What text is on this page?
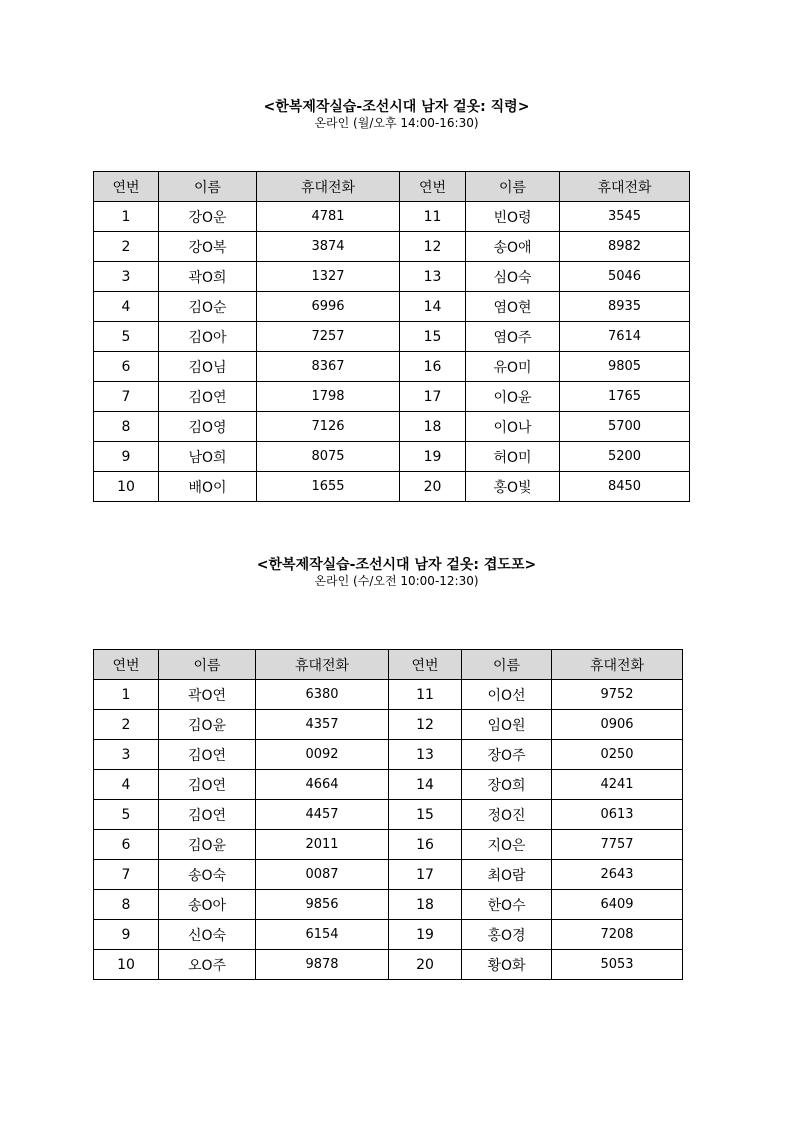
<한복제작실습-조선시대 남자 겉옷: 직령>
온라인 (월/오후 14:00-16:30)
연번	이름	휴대전화	연번	이름	휴대전화
1	강O운	4781	11	빈O령	3545
2	강O복	3874	12	송O애	8982
3	곽O희	1327	13	심O숙	5046
4	김O순	6996	14	염O현	8935
5	김O아	7257	15	염O주	7614
6	김O님	8367	16	유O미	9805
7	김O연	1798	17	이O윤	1765
8	김O영	7126	18	이O나	5700
9	남O희	8075	19	허O미	5200
10	배O이	1655	20	홍O빛	8450
<한복제작실습-조선시대 남자 겉옷: 겹도포>
온라인 (수/오전 10:00-12:30)
연번	이름	휴대전화	연번	이름	휴대전화
1	곽O연	6380	11	이O선	9752
2	김O윤	4357	12	임O원	0906
3	김O연	0092	13	장O주	0250
4	김O연	4664	14	장O희	4241
5	김O연	4457	15	정O진	0613
6	김O윤	2011	16	지O은	7757
7	송O숙	0087	17	최O람	2643
8	송O아	9856	18	한O수	6409
9	신O숙	6154	19	홍O경	7208
10	오O주	9878	20	황O화	5053
